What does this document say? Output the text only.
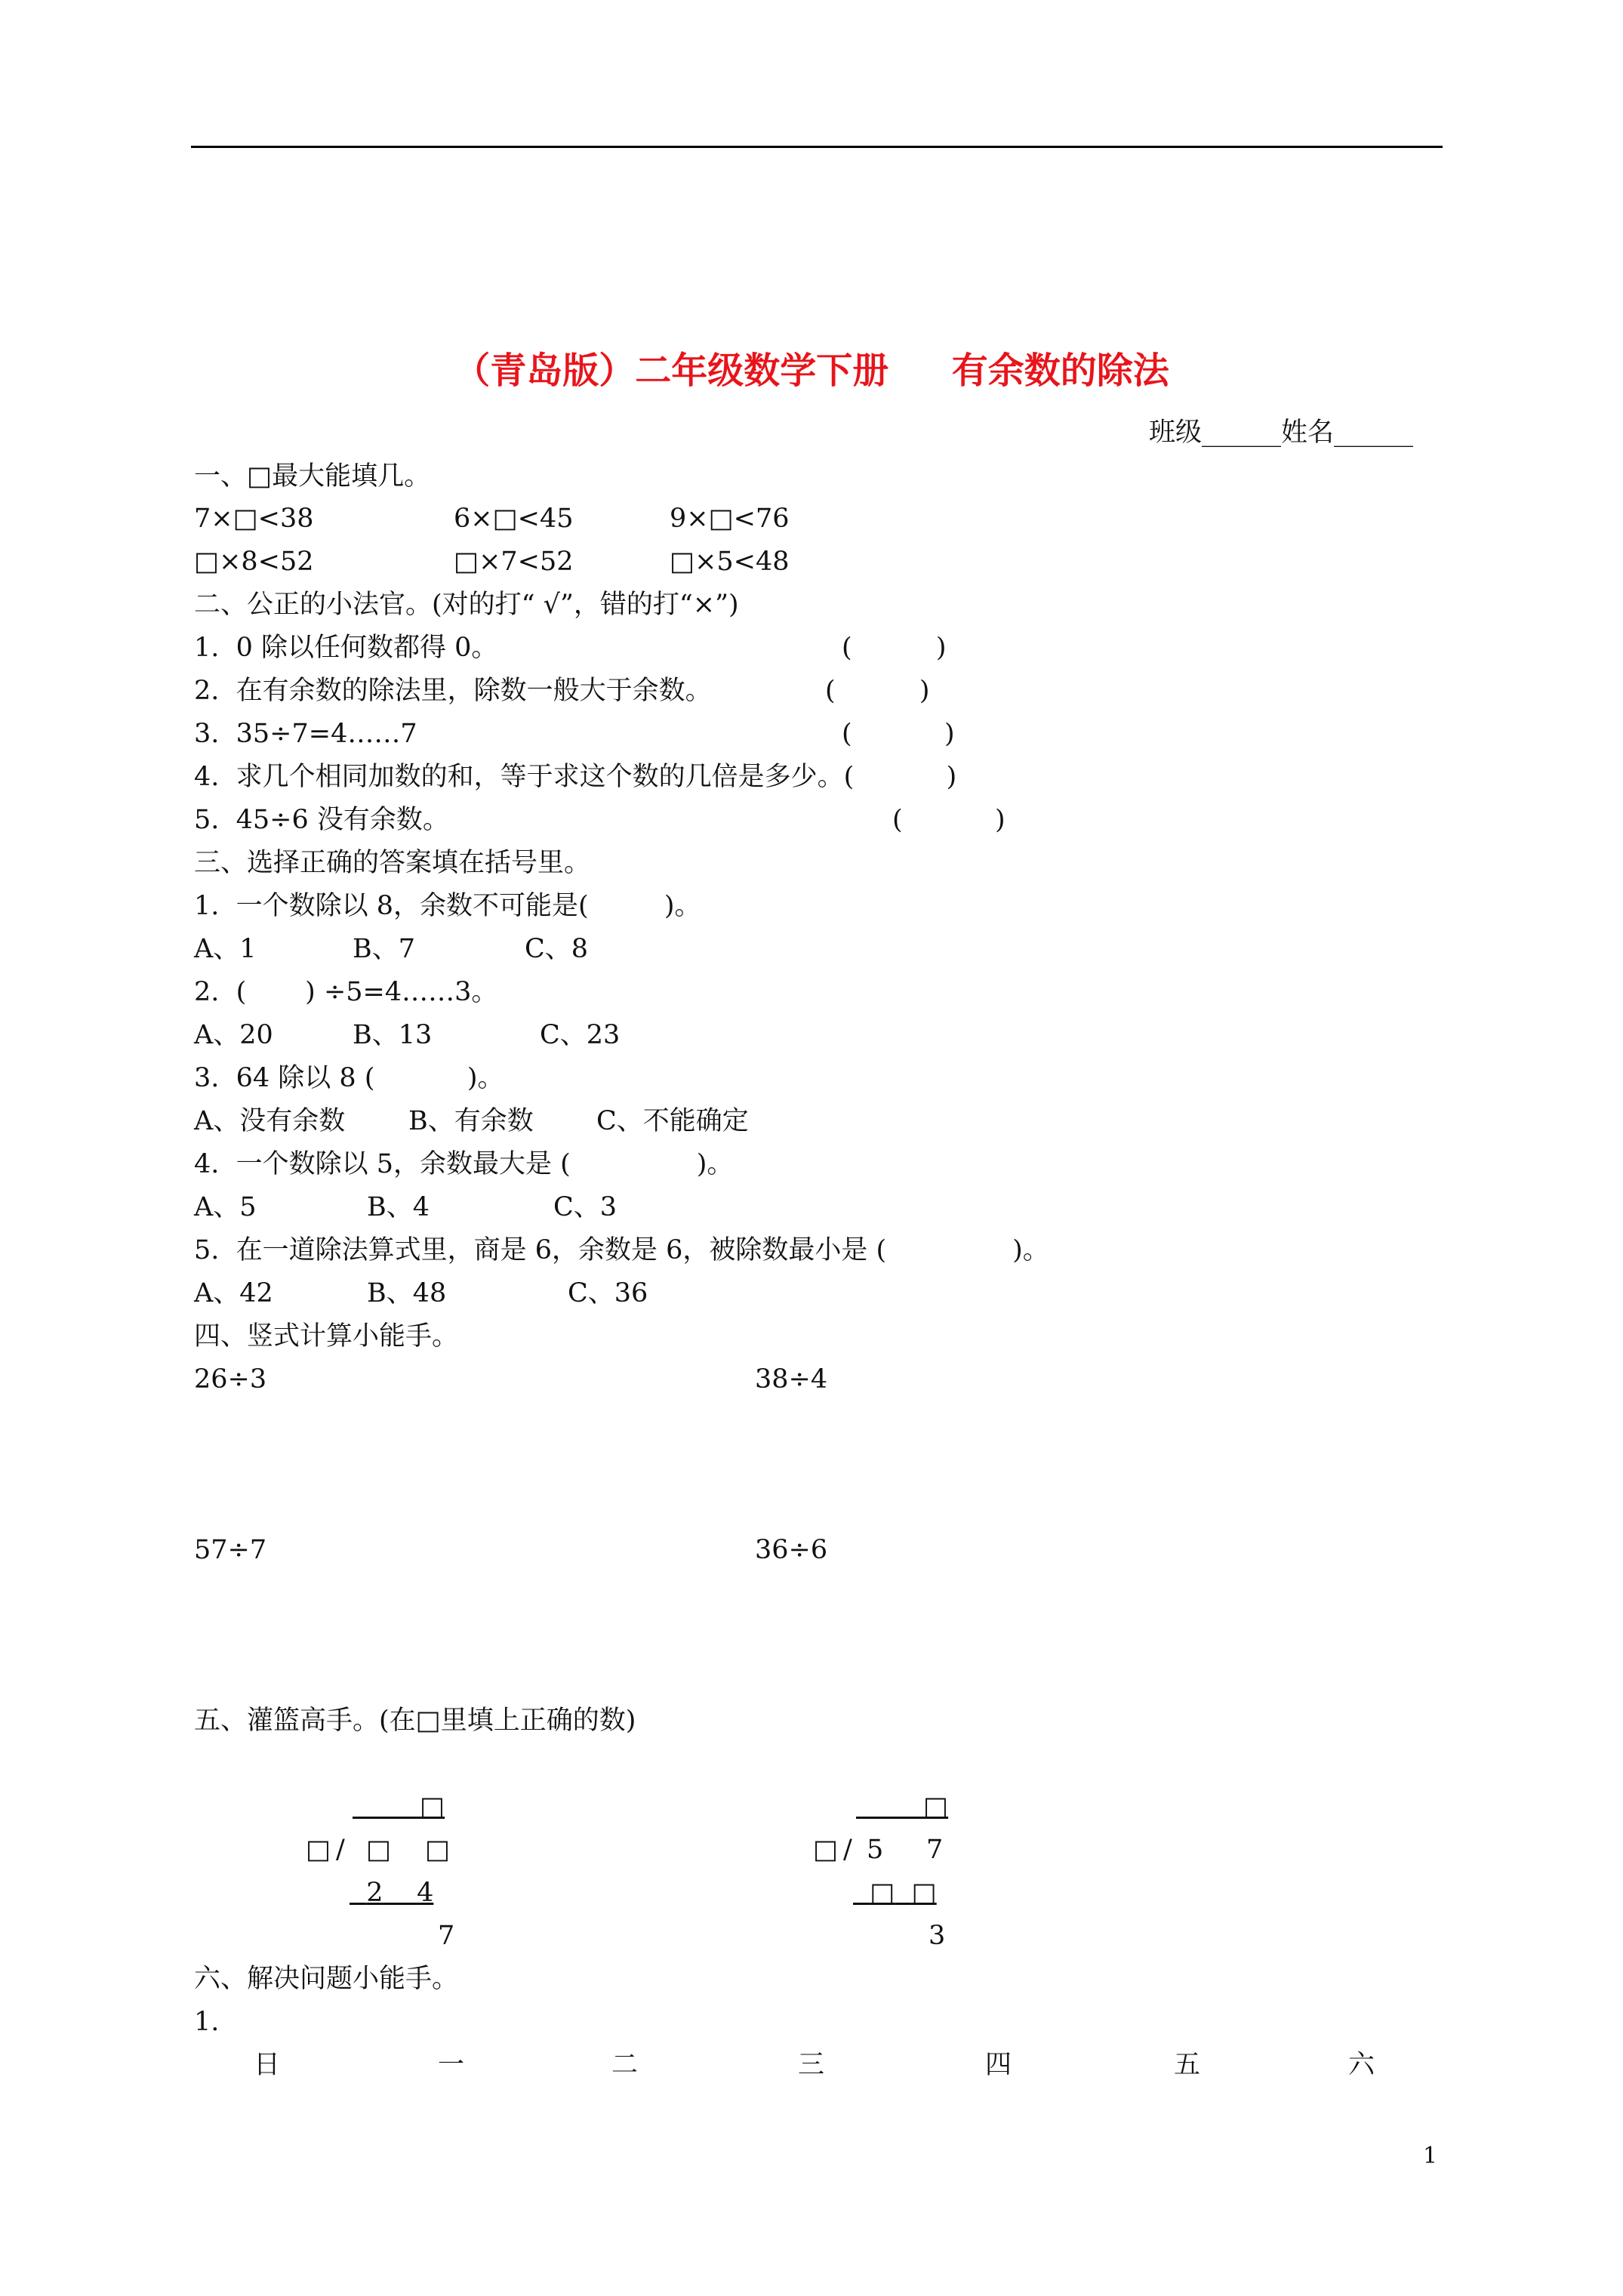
（青岛版）二年级数学下册     有余数的除法
班级______姓名______
一、□最大能填几。
7×□<38	6×□<45	9×□<76
□×8<52	□×7<52	□×5<48
二、公正的小法官。(对的打“ √”，错的打“×”)
1.  0 除以任何数都得 0。	(          )
2.  在有余数的除法里，除数一般大于余数。	(          )
3.  35÷7=4……7	(           )
4.  求几个相同加数的和，等于求这个数的几倍是多少。(           )
5.  45÷6 没有余数。	(           )
三、选择正确的答案填在括号里。
1.  一个数除以 8，余数不可能是(         )。
A、1	B、7	C、8
2.  (       ) ÷5=4……3。
A、20	B、13	C、23
3.  64 除以 8 (           )。
A、没有余数 B、有余数 C、不能确定
4.  一个数除以 5，余数最大是 (               )。
A、5	B、4	C、3
5.  在一道除法算式里，商是 6，余数是 6，被除数最小是 (               )。
A、42	B、48	C、36
四、竖式计算小能手。
26÷3	38÷4
57÷7	36÷6
五、灌篮高手。(在□里填上正确的数)
□
□ / □ □
2 4
7
□
□ / 5 7
□ □
3
六、解决问题小能手。
1.
日	一	二	三	四	五	六
1
